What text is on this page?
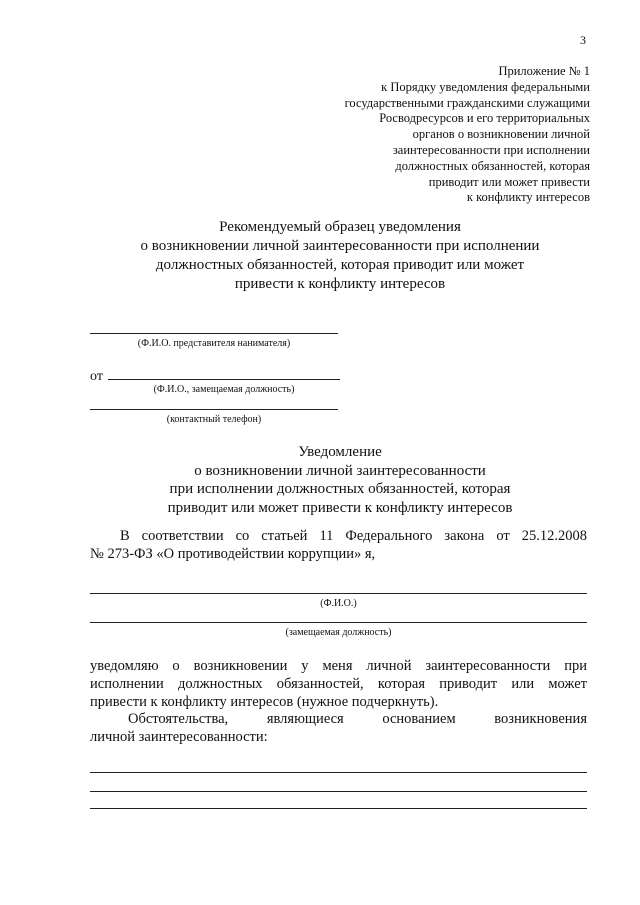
3
Приложение № 1
к Порядку уведомления федеральными
государственными гражданскими служащими
Росводресурсов и его территориальных
органов о возникновении личной
заинтересованности при исполнении
должностных обязанностей, которая
приводит или может привести
к конфликту интересов
Рекомендуемый образец уведомления
о возникновении личной заинтересованности при исполнении
должностных обязанностей, которая приводит или может
привести к конфликту интересов
(Ф.И.О. представителя нанимателя)
от
(Ф.И.О., замещаемая должность)
(контактный телефон)
Уведомление
о возникновении личной заинтересованности
при исполнении должностных обязанностей, которая
приводит или может привести к конфликту интересов
В соответствии со статьей 11 Федерального закона от 25.12.2008
№ 273-ФЗ «О противодействии коррупции» я,
(Ф.И.О.)
(замещаемая должность)
уведомляю о возникновении у меня личной заинтересованности при
исполнении должностных обязанностей, которая приводит или может
привести к конфликту интересов (нужное подчеркнуть).
Обстоятельства, являющиеся основанием возникновения
личной заинтересованности:
